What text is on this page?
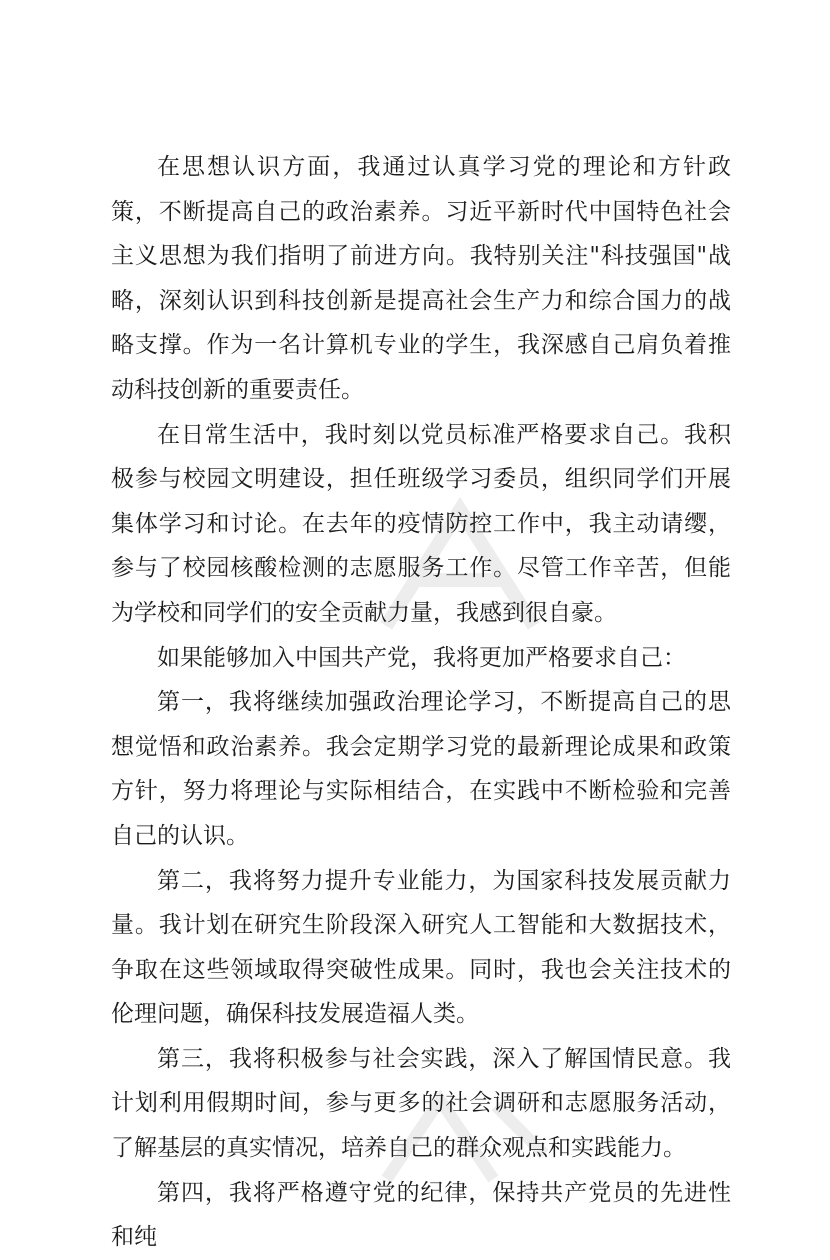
在思想认识方面，我通过认真学习党的理论和方针政策，不断提高自己的政治素养。习近平新时代中国特色社会主义思想为我们指明了前进方向。我特别关注"科技强国"战略，深刻认识到科技创新是提高社会生产力和综合国力的战略支撑。作为一名计算机专业的学生，我深感自己肩负着推动科技创新的重要责任。

在日常生活中，我时刻以党员标准严格要求自己。我积极参与校园文明建设，担任班级学习委员，组织同学们开展集体学习和讨论。在去年的疫情防控工作中，我主动请缨，参与了校园核酸检测的志愿服务工作。尽管工作辛苦，但能为学校和同学们的安全贡献力量，我感到很自豪。

如果能够加入中国共产党，我将更加严格要求自己：

第一，我将继续加强政治理论学习，不断提高自己的思想觉悟和政治素养。我会定期学习党的最新理论成果和政策方针，努力将理论与实际相结合，在实践中不断检验和完善自己的认识。

第二，我将努力提升专业能力，为国家科技发展贡献力量。我计划在研究生阶段深入研究人工智能和大数据技术，争取在这些领域取得突破性成果。同时，我也会关注技术的伦理问题，确保科技发展造福人类。

第三，我将积极参与社会实践，深入了解国情民意。我计划利用假期时间，参与更多的社会调研和志愿服务活动，了解基层的真实情况，培养自己的群众观点和实践能力。

第四，我将严格遵守党的纪律，保持共产党员的先进性和纯
